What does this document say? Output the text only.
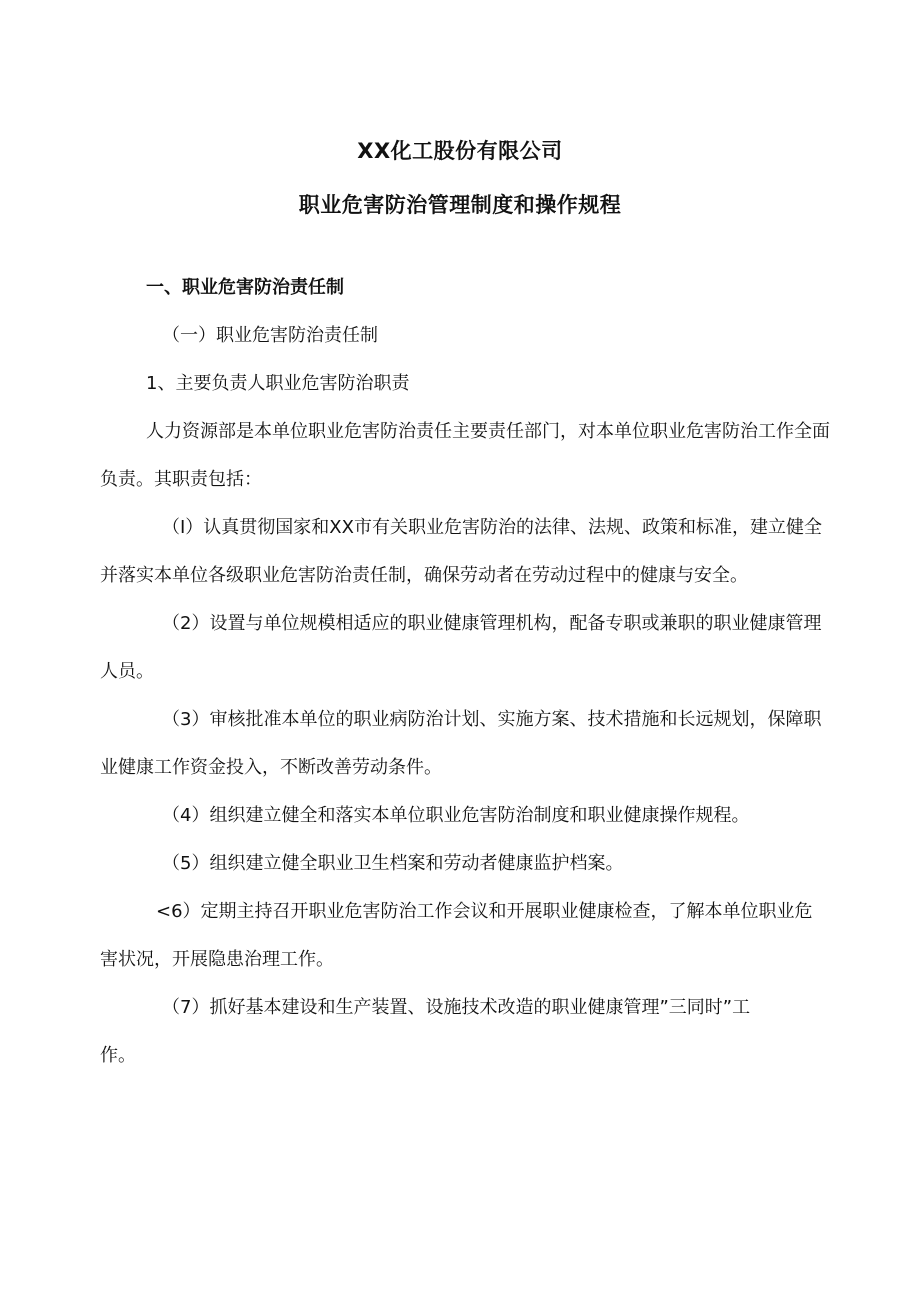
XX化工股份有限公司
职业危害防治管理制度和操作规程

一、职业危害防治责任制

（一）职业危害防治责任制

1、主要负责人职业危害防治职责

人力资源部是本单位职业危害防治责任主要责任部门，对本单位职业危害防治工作全面负责。其职责包括：

（I）认真贯彻国家和XX市有关职业危害防治的法律、法规、政策和标准，建立健全并落实本单位各级职业危害防治责任制，确保劳动者在劳动过程中的健康与安全。

（2）设置与单位规模相适应的职业健康管理机构，配备专职或兼职的职业健康管理人员。

（3）审核批准本单位的职业病防治计划、实施方案、技术措施和长远规划，保障职业健康工作资金投入，不断改善劳动条件。

（4）组织建立健全和落实本单位职业危害防治制度和职业健康操作规程。

（5）组织建立健全职业卫生档案和劳动者健康监护档案。

<6）定期主持召开职业危害防治工作会议和开展职业健康检查，了解本单位职业危害状况，开展隐患治理工作。

（7）抓好基本建设和生产装置、设施技术改造的职业健康管理”三同时”工作。
